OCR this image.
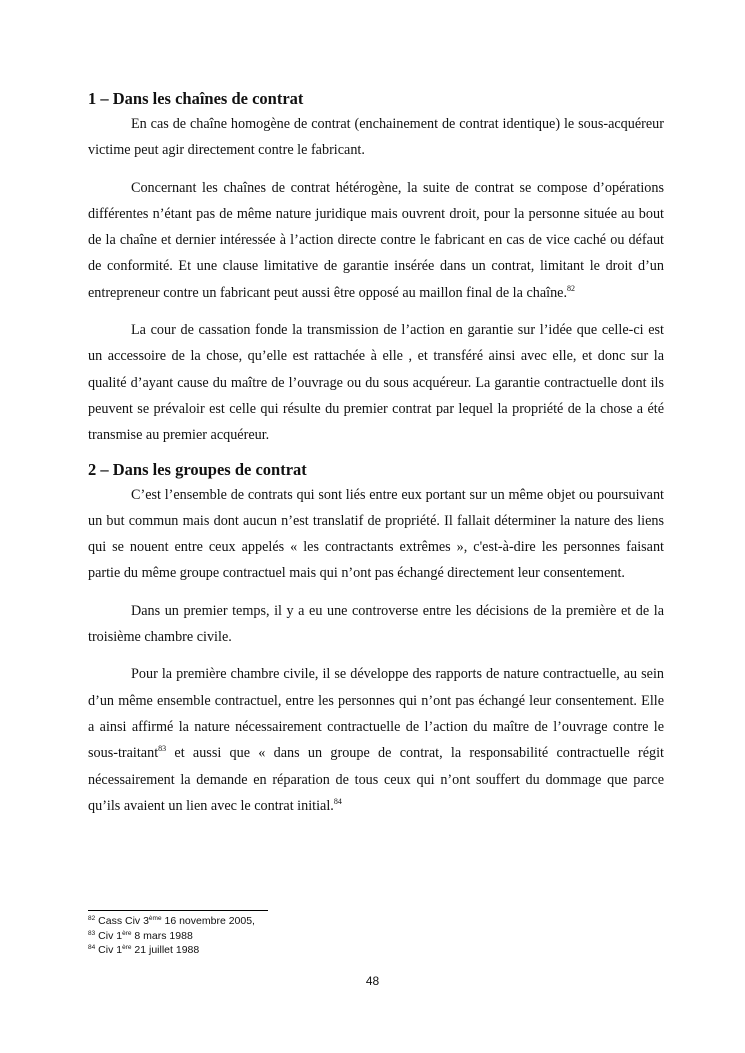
1 – Dans les chaînes de contrat

En cas de chaîne homogène de contrat (enchainement de contrat identique) le sous-acquéreur victime peut agir directement contre le fabricant.

Concernant les chaînes de contrat hétérogène, la suite de contrat se compose d’opérations différentes n’étant pas de même nature juridique mais ouvrent droit, pour la personne située au bout de la chaîne et dernier intéressée à l’action directe contre le fabricant en cas de vice caché ou défaut de conformité. Et une clause limitative de garantie insérée dans un contrat, limitant le droit d’un entrepreneur contre un fabricant peut aussi être opposé au maillon final de la chaîne.$^{82}$

La cour de cassation fonde la transmission de l’action en garantie sur l’idée que celle-ci est un accessoire de la chose, qu’elle est rattachée à elle , et transféré ainsi avec elle, et donc sur la qualité d’ayant cause du maître de l’ouvrage ou du sous acquéreur. La garantie contractuelle dont ils peuvent se prévaloir est celle qui résulte du premier contrat par lequel la propriété de la chose a été transmise au premier acquéreur.

2 – Dans les groupes de contrat

C’est l’ensemble de contrats qui sont liés entre eux portant sur un même objet ou poursuivant un but commun mais dont aucun n’est translatif de propriété. Il fallait déterminer la nature des liens qui se nouent entre ceux appelés « les contractants extrêmes », c'est-à-dire les personnes faisant partie du même groupe contractuel mais qui n’ont pas échangé directement leur consentement.

Dans un premier temps, il y a eu une controverse entre les décisions de la première et de la troisième chambre civile.

Pour la première chambre civile, il se développe des rapports de nature contractuelle, au sein d’un même ensemble contractuel, entre les personnes qui n’ont pas échangé leur consentement. Elle a ainsi affirmé la nature nécessairement contractuelle de l’action du maître de l’ouvrage contre le sous-traitant$^{83}$ et aussi que « dans un groupe de contrat, la responsabilité contractuelle régit nécessairement la demande en réparation de tous ceux qui n’ont souffert du dommage que parce qu’ils avaient un lien avec le contrat initial.$^{84}$

$^{82}$ Cass Civ 3ème 16 novembre 2005,
$^{83}$ Civ 1ère 8 mars 1988
$^{84}$ Civ 1ère 21 juillet 1988
48
